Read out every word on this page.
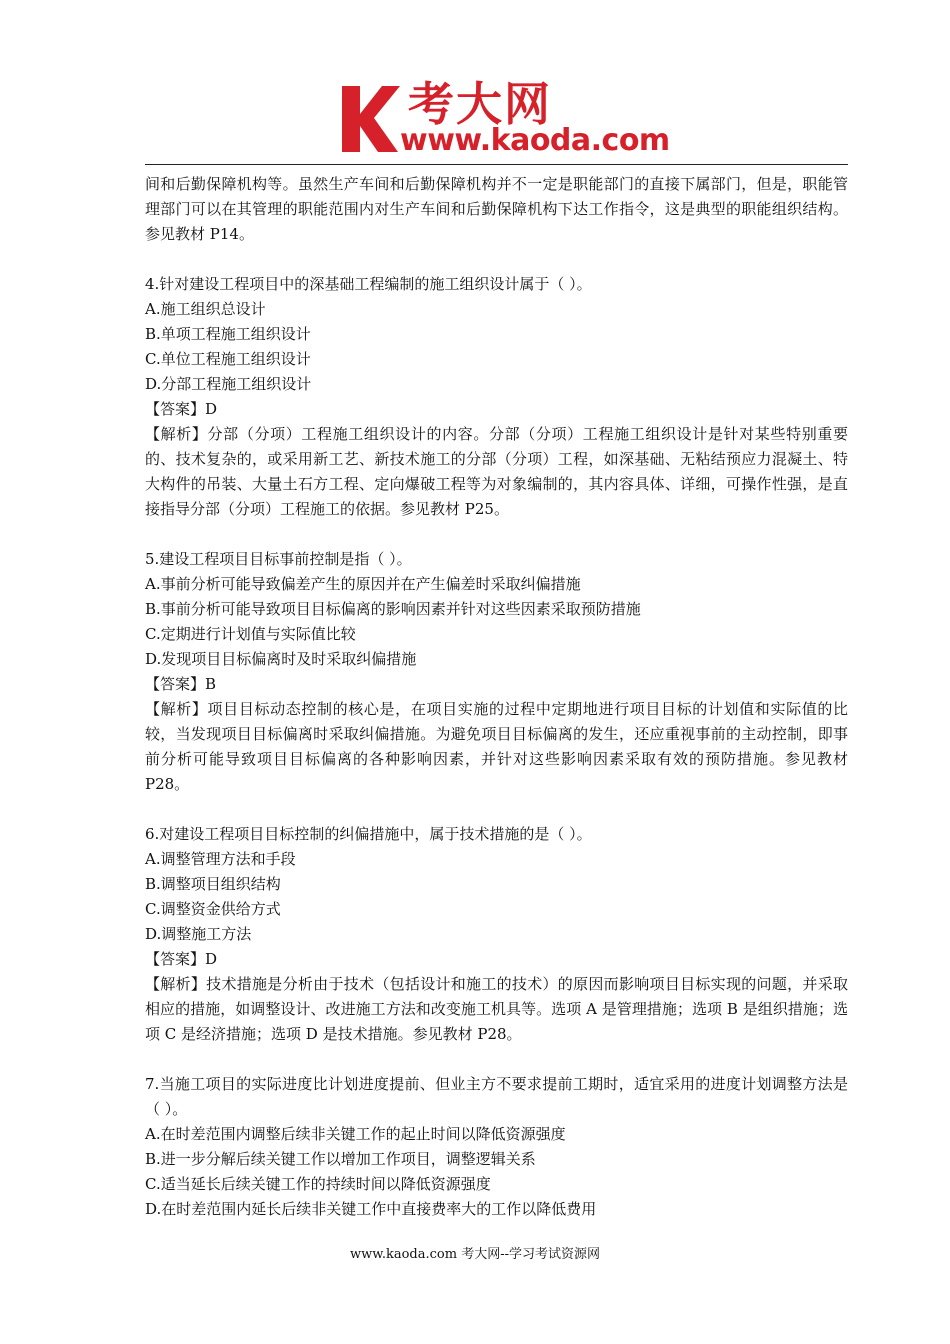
考大网
www.kaoda.com

间和后勤保障机构等。虽然生产车间和后勤保障机构并不一定是职能部门的直接下属部门，但是，职能管理部门可以在其管理的职能范围内对生产车间和后勤保障机构下达工作指令，这是典型的职能组织结构。参见教材 P14。

4.针对建设工程项目中的深基础工程编制的施工组织设计属于（ ）。

A.施工组织总设计

B.单项工程施工组织设计

C.单位工程施工组织设计

D.分部工程施工组织设计

【答案】D

【解析】分部（分项）工程施工组织设计的内容。分部（分项）工程施工组织设计是针对某些特别重要的、技术复杂的，或采用新工艺、新技术施工的分部（分项）工程，如深基础、无粘结预应力混凝土、特大构件的吊装、大量土石方工程、定向爆破工程等为对象编制的，其内容具体、详细，可操作性强，是直接指导分部（分项）工程施工的依据。参见教材 P25。

5.建设工程项目目标事前控制是指（ ）。

A.事前分析可能导致偏差产生的原因并在产生偏差时采取纠偏措施

B.事前分析可能导致项目目标偏离的影响因素并针对这些因素采取预防措施

C.定期进行计划值与实际值比较

D.发现项目目标偏离时及时采取纠偏措施

【答案】B

【解析】项目目标动态控制的核心是，在项目实施的过程中定期地进行项目目标的计划值和实际值的比较，当发现项目目标偏离时采取纠偏措施。为避免项目目标偏离的发生，还应重视事前的主动控制，即事前分析可能导致项目目标偏离的各种影响因素，并针对这些影响因素采取有效的预防措施。参见教材 P28。

6.对建设工程项目目标控制的纠偏措施中，属于技术措施的是（ ）。

A.调整管理方法和手段

B.调整项目组织结构

C.调整资金供给方式

D.调整施工方法

【答案】D

【解析】技术措施是分析由于技术（包括设计和施工的技术）的原因而影响项目目标实现的问题，并采取相应的措施，如调整设计、改进施工方法和改变施工机具等。选项 A 是管理措施；选项 B 是组织措施；选项 C 是经济措施；选项 D 是技术措施。参见教材 P28。

7.当施工项目的实际进度比计划进度提前、但业主方不要求提前工期时，适宜采用的进度计划调整方法是（ ）。

A.在时差范围内调整后续非关键工作的起止时间以降低资源强度

B.进一步分解后续关键工作以增加工作项目，调整逻辑关系

C.适当延长后续关键工作的持续时间以降低资源强度

D.在时差范围内延长后续非关键工作中直接费率大的工作以降低费用

www.kaoda.com 考大网--学习考试资源网
